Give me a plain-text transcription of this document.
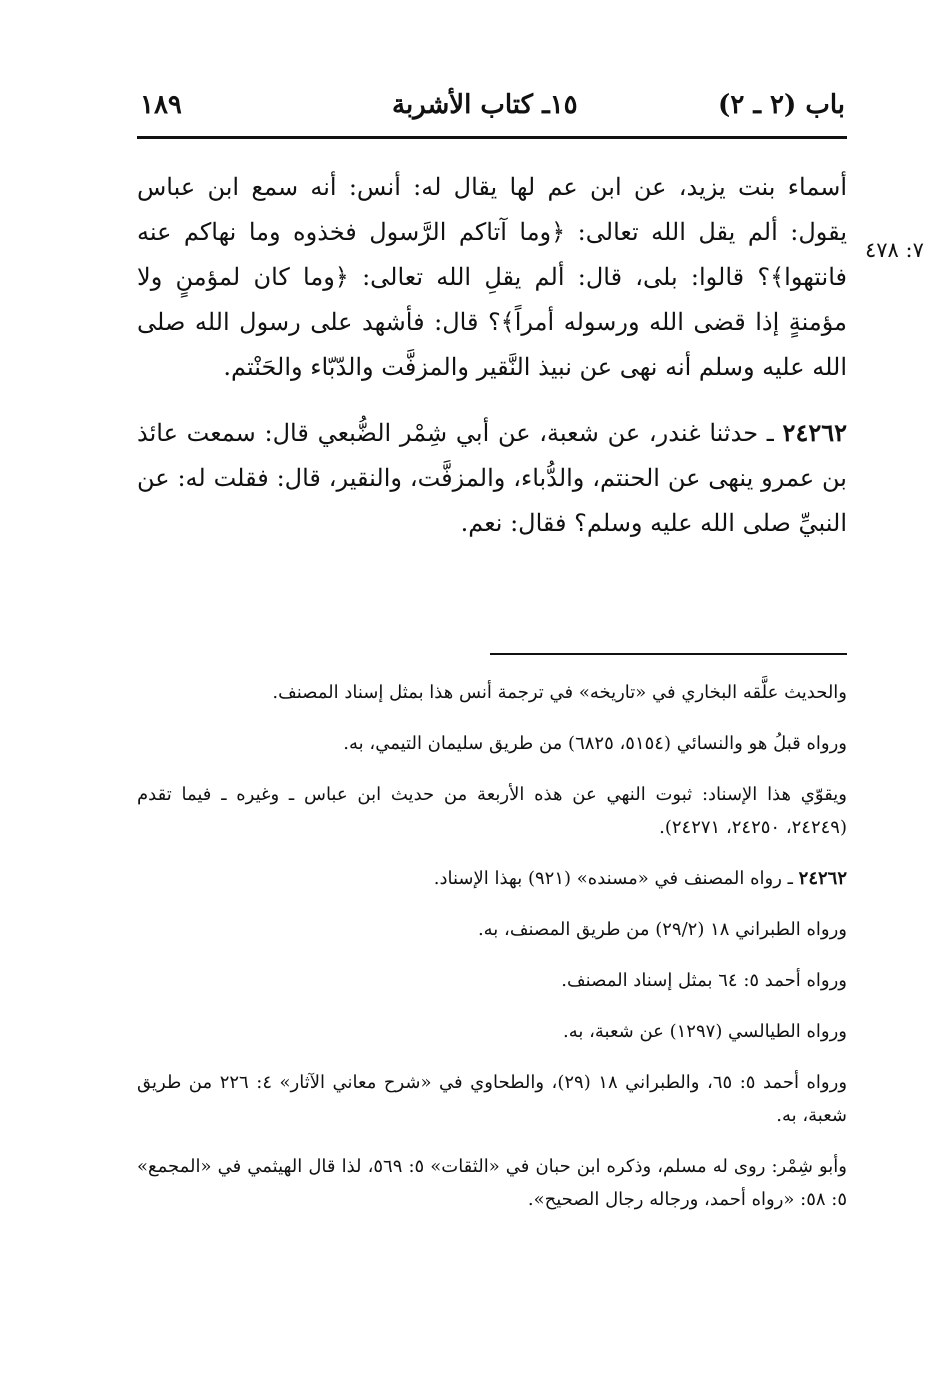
باب (٢ ـ ٢)
١٥ـ كتاب الأشربة
١٨٩
٧: ٤٧٨

أسماء بنت يزيد، عن ابن عم لها يقال له: أنس: أنه سمع ابن عباس يقول: ألم يقل الله تعالى: ﴿وما آتاكم الرَّسول فخذوه وما نهاكم عنه فانتهوا﴾؟ قالوا: بلى، قال: ألم يقلِ الله تعالى: ﴿وما كان لمؤمنٍ ولا مؤمنةٍ إذا قضى الله ورسوله أمراً﴾؟ قال: فأشهد على رسول الله صلى الله عليه وسلم أنه نهى عن نبيذ النَّقير والمزفَّت والدّبّاء والحَنْتم.

٢٤٢٦٢ ـ حدثنا غندر، عن شعبة، عن أبي شِمْر الضُّبعي قال: سمعت عائذ بن عمرو ينهى عن الحنتم، والدُّباء، والمزفَّت، والنقير، قال: فقلت له: عن النبيِّ صلى الله عليه وسلم؟ فقال: نعم.

والحديث علَّقه البخاري في «تاريخه» في ترجمة أنس هذا بمثل إسناد المصنف.

ورواه قبلُ هو والنسائي (٥١٥٤، ٦٨٢٥) من طريق سليمان التيمي، به.

ويقوّي هذا الإسناد: ثبوت النهي عن هذه الأربعة من حديث ابن عباس ـ وغيره ـ فيما تقدم (٢٤٢٤٩، ٢٤٢٥٠، ٢٤٢٧١).

٢٤٢٦٢ ـ رواه المصنف في «مسنده» (٩٢١) بهذا الإسناد.

ورواه الطبراني ١٨ (٢٩/٢) من طريق المصنف، به.

ورواه أحمد ٥: ٦٤ بمثل إسناد المصنف.

ورواه الطيالسي (١٢٩٧) عن شعبة، به.

ورواه أحمد ٥: ٦٥، والطبراني ١٨ (٢٩)، والطحاوي في «شرح معاني الآثار» ٤: ٢٢٦ من طريق شعبة، به.

وأبو شِمْر: روى له مسلم، وذكره ابن حبان في «الثقات» ٥: ٥٦٩، لذا قال الهيثمي في «المجمع» ٥: ٥٨: «رواه أحمد، ورجاله رجال الصحيح».
